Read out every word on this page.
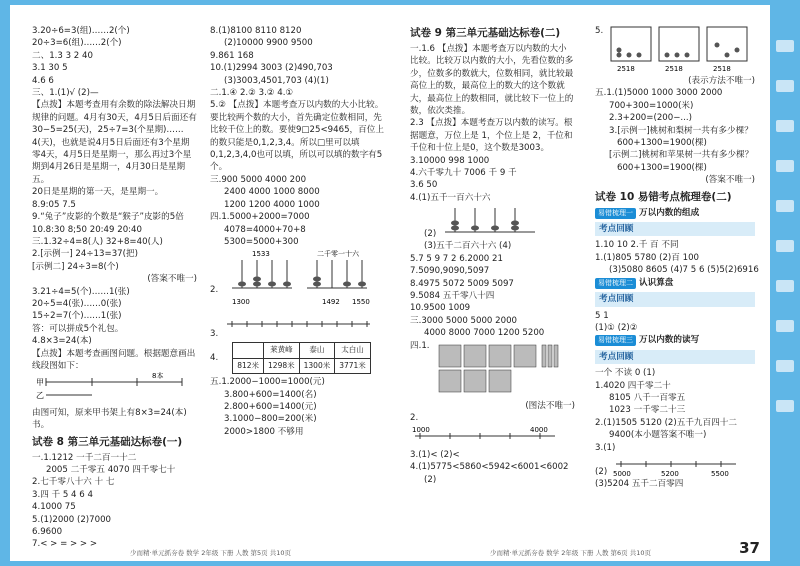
3.20÷6=3(组)……2(个)

20÷3=6(组)……2(个)

二、1.3 3 2 40

3.1 30 5

4.6 6

三、1.(1)√ (2)—

【点拨】本题考查用有余数的除法解决日期规律的问题。4月有30天，4月5日后面还有30−5=25(天)，25÷7=3(个星期)……4(天)，也就是说4月5日后面还有3个星期零4天，4月5日是星期一，那么再过3个星期到4月26日是星期一，4月30日是星期五。

20日是星期的第一天，是星期一。

8.9:05 7.5

9.“兔子”皮影的个数是“猴子”皮影的5倍

10.8:30 8;50 20:49 20:40

三.1.32÷4=8(人) 32+8=40(人)

2.[示例一] 24÷13=37(把)

[示例二] 24÷3=8(个)

(答案不唯一)

3.21÷4=5(个)……1(张)

20÷5=4(张)……0(张)

15÷2=7(个)……1(张)

答：可以拼成5个礼包。

4.8×3=24(本)

【点拨】本题考查画图问题。根据题意画出线段图如下：

甲
乙
8本

由图可知，原来甲书架上有8×3=24(本)书。

试卷 8 第三单元基础达标卷(一)

一.1.1212 一千二百一十二

2005 二千零五 4070 四千零七十

2.七千零八十六 十 七

3.四 千 5 4 6 4

4.1000 75

5.(1)2000 (2)7000

6.9600

7.< > = > > >

8.(1)8100 8110 8120

(2)10000 9900 9500

9.861 168

10.(1)2994 3003 (2)490,703

(3)3003,4501,703 (4)(1)

二.1.④ 2.② 3.② 4.①

5.② 【点拨】本题考查万以内数的大小比较。要比较两个数的大小，首先确定位数相同，先比较千位上的数。要使9□25<9465，百位上的数只能是0,1,2,3,4。所以□里可以填0,1,2,3,4,0也可以填，所以可以填的数字有5个。

三.900 5000 4000 200

2400 4000 1000 8000

1200 1200 4000 1000

四.1.5000+2000=7000

4078=4000+70+8

5300=5000+300

2.

1533	二千零一十六

3.

1300	1492 1550

4.

	莱黄峰	泰山	太白山
812米	1298米	1300米	3771米

五.1.2000−1000=1000(元)

3.800+600=1400(名)

2.800+600=1400(元)

3.1000−800=200(米)

2000>1800 不够用

试卷 9 第三单元基础达标卷(二)

一.1.6 【点拨】本题考查万以内数的大小比较。比较万以内数的大小，先看位数的多少，位数多的数就大，位数相同，就比较最高位上的数，最高位上的数大的这个数就大，最高位上的数相同，就比较下一位上的数，依次类推。

2.3 【点拨】本题考查万以内数的读写。根据题意，万位上是 1，个位上是 2，千位和千位和十位上是0，这个数是3003。

3.10000 998 1000

4.六千零九十 7006 千 9 千

3.6 50

4.(1)五千一百六十六

(2)

(3)五千二百六十六 (4)

5.7 5 9 7 2 6.2000 21

7.5090,9090,5097

8.4975 5072 5009 5097

9.5084 五千零八十四

10.9500 1009

三.3000 5000 5000 2000

4000 8000 7000 1200 5200

四.1.

(图法不唯一)

2.

1000	4000

3.(1)< (2)<

4.(1)5775<5860<5942<6001<6002

(2)

5.

2518	2518	2518

(表示方法不唯一)

五.1.(1)5000 1000 3000 2000

700+300=1000(米)

2.3+200=(200−...)

3.[示例一]桃树和梨树一共有多少棵？

600+1300=1900(棵)

[示例二]桃树和苹果树一共有多少棵？

600+1300=1900(棵)

(答案不唯一)

试卷 10 易错考点梳理卷(二)

易错梳理一 万以内数的组成

考点回顾

1.10 10 2.千 百 不同

1.(1)805 5780 (2)百 100

(3)5080 8605 (4)7 5 6 (5)5(2)6916

易错梳理二 认识算盘

考点回顾

5 1

(1)① (2)②

易错梳理三 万以内数的读写

考点回顾

一个 不读 0 (1)

1.4020 四千零二十

8105 八千一百零五

1023 一千零二十三

2.(1)1505 5120 (2)五千九百四十二

9400(本小题答案不唯一)

3.(1)

(2) 5000	5200	5500

(3)5204 五千二百零四

少而精·单元抓夯卷 数学 2年级 下册 人教 第5页 共10页	少而精·单元抓夯卷 数学 2年级 下册 人教 第6页 共10页	37
